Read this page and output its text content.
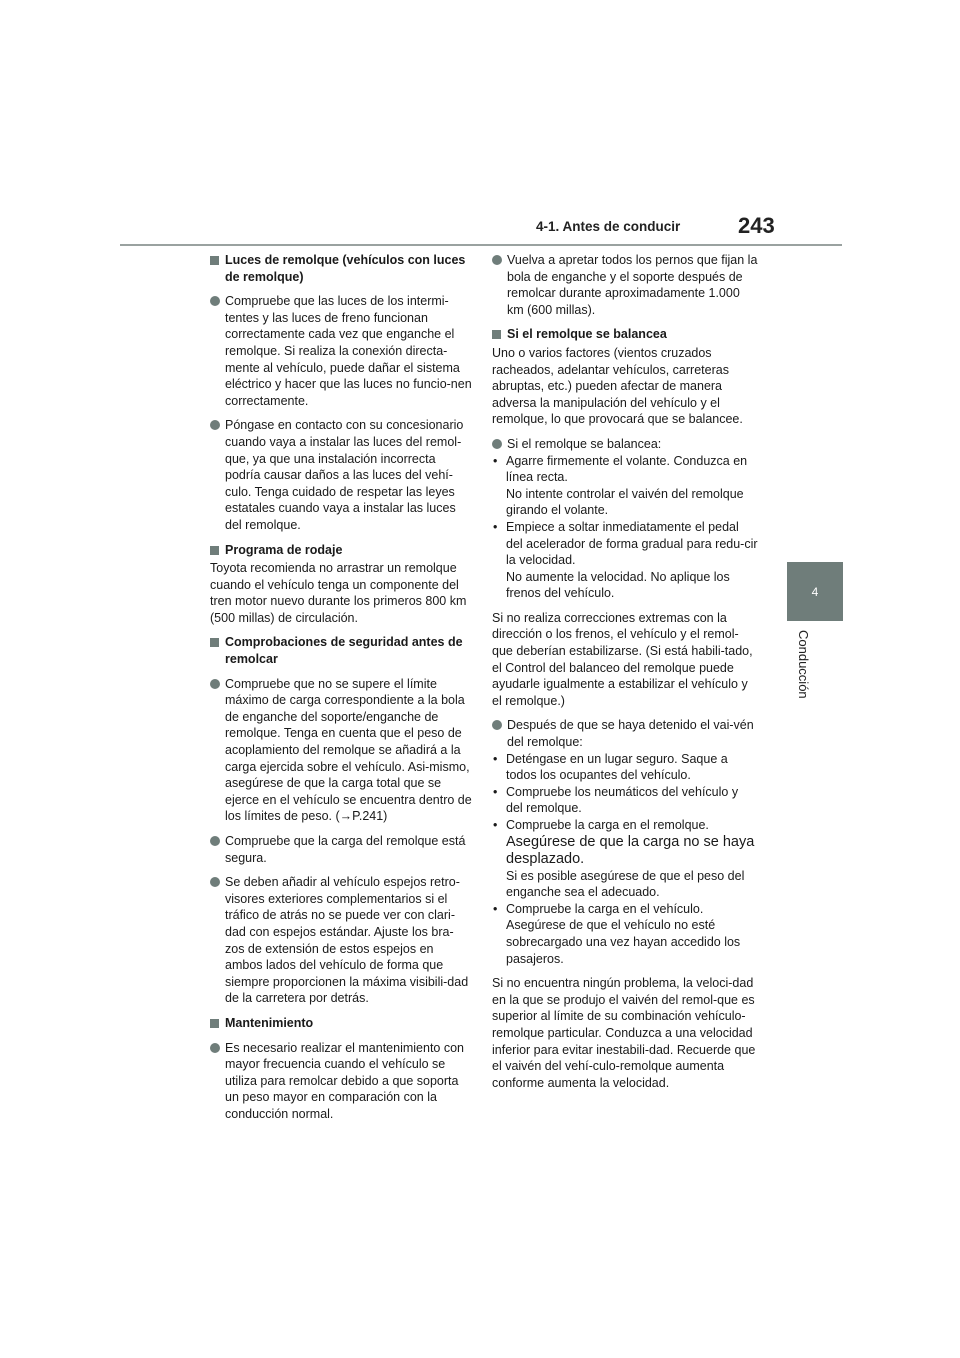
4-1. Antes de conducir	243
4
Conducción
Luces de remolque (vehículos con luces de remolque)
Compruebe que las luces de los intermi-tentes y las luces de freno funcionan correctamente cada vez que enganche el remolque. Si realiza la conexión directa-mente al vehículo, puede dañar el sistema eléctrico y hacer que las luces no funcio-nen correctamente.
Póngase en contacto con su concesionario cuando vaya a instalar las luces del remol-que, ya que una instalación incorrecta podría causar daños a las luces del vehí-culo. Tenga cuidado de respetar las leyes estatales cuando vaya a instalar las luces del remolque.
Programa de rodaje
Toyota recomienda no arrastrar un remolque cuando el vehículo tenga un componente del tren motor nuevo durante los primeros 800 km (500 millas) de circulación.
Comprobaciones de seguridad antes de remolcar
Compruebe que no se supere el límite máximo de carga correspondiente a la bola de enganche del soporte/enganche de remolque. Tenga en cuenta que el peso de acoplamiento del remolque se añadirá a la carga ejercida sobre el vehículo. Asi-mismo, asegúrese de que la carga total que se ejerce en el vehículo se encuentra dentro de los límites de peso. (→P.241)
Compruebe que la carga del remolque está segura.
Se deben añadir al vehículo espejos retro-visores exteriores complementarios si el tráfico de atrás no se puede ver con clari-dad con espejos estándar. Ajuste los bra-zos de extensión de estos espejos en ambos lados del vehículo de forma que siempre proporcionen la máxima visibili-dad de la carretera por detrás.
Mantenimiento
Es necesario realizar el mantenimiento con mayor frecuencia cuando el vehículo se utiliza para remolcar debido a que soporta un peso mayor en comparación con la conducción normal.
Vuelva a apretar todos los pernos que fijan la bola de enganche y el soporte después de remolcar durante aproximadamente 1.000 km (600 millas).
Si el remolque se balancea
Uno o varios factores (vientos cruzados racheados, adelantar vehículos, carreteras abruptas, etc.) pueden afectar de manera adversa la manipulación del vehículo y el remolque, lo que provocará que se balancee.
Si el remolque se balancea:
• Agarre firmemente el volante. Conduzca en línea recta.
No intente controlar el vaivén del remolque girando el volante.
• Empiece a soltar inmediatamente el pedal del acelerador de forma gradual para redu-cir la velocidad.
No aumente la velocidad. No aplique los frenos del vehículo.
Si no realiza correcciones extremas con la dirección o los frenos, el vehículo y el remol-que deberían estabilizarse. (Si está habili-tado, el Control del balanceo del remolque puede ayudarle igualmente a estabilizar el vehículo y el remolque.)
Después de que se haya detenido el vai-vén del remolque:
• Deténgase en un lugar seguro. Saque a todos los ocupantes del vehículo.
• Compruebe los neumáticos del vehículo y del remolque.
• Compruebe la carga en el remolque.
Asegúrese de que la carga no se haya desplazado.
Si es posible asegúrese de que el peso del enganche sea el adecuado.
• Compruebe la carga en el vehículo.
Asegúrese de que el vehículo no esté sobrecargado una vez hayan accedido los pasajeros.
Si no encuentra ningún problema, la veloci-dad en la que se produjo el vaivén del remol-que es superior al límite de su combinación vehículo-remolque particular. Conduzca a una velocidad inferior para evitar inestabili-dad. Recuerde que el vaivén del vehí-culo-remolque aumenta conforme aumenta la velocidad.
